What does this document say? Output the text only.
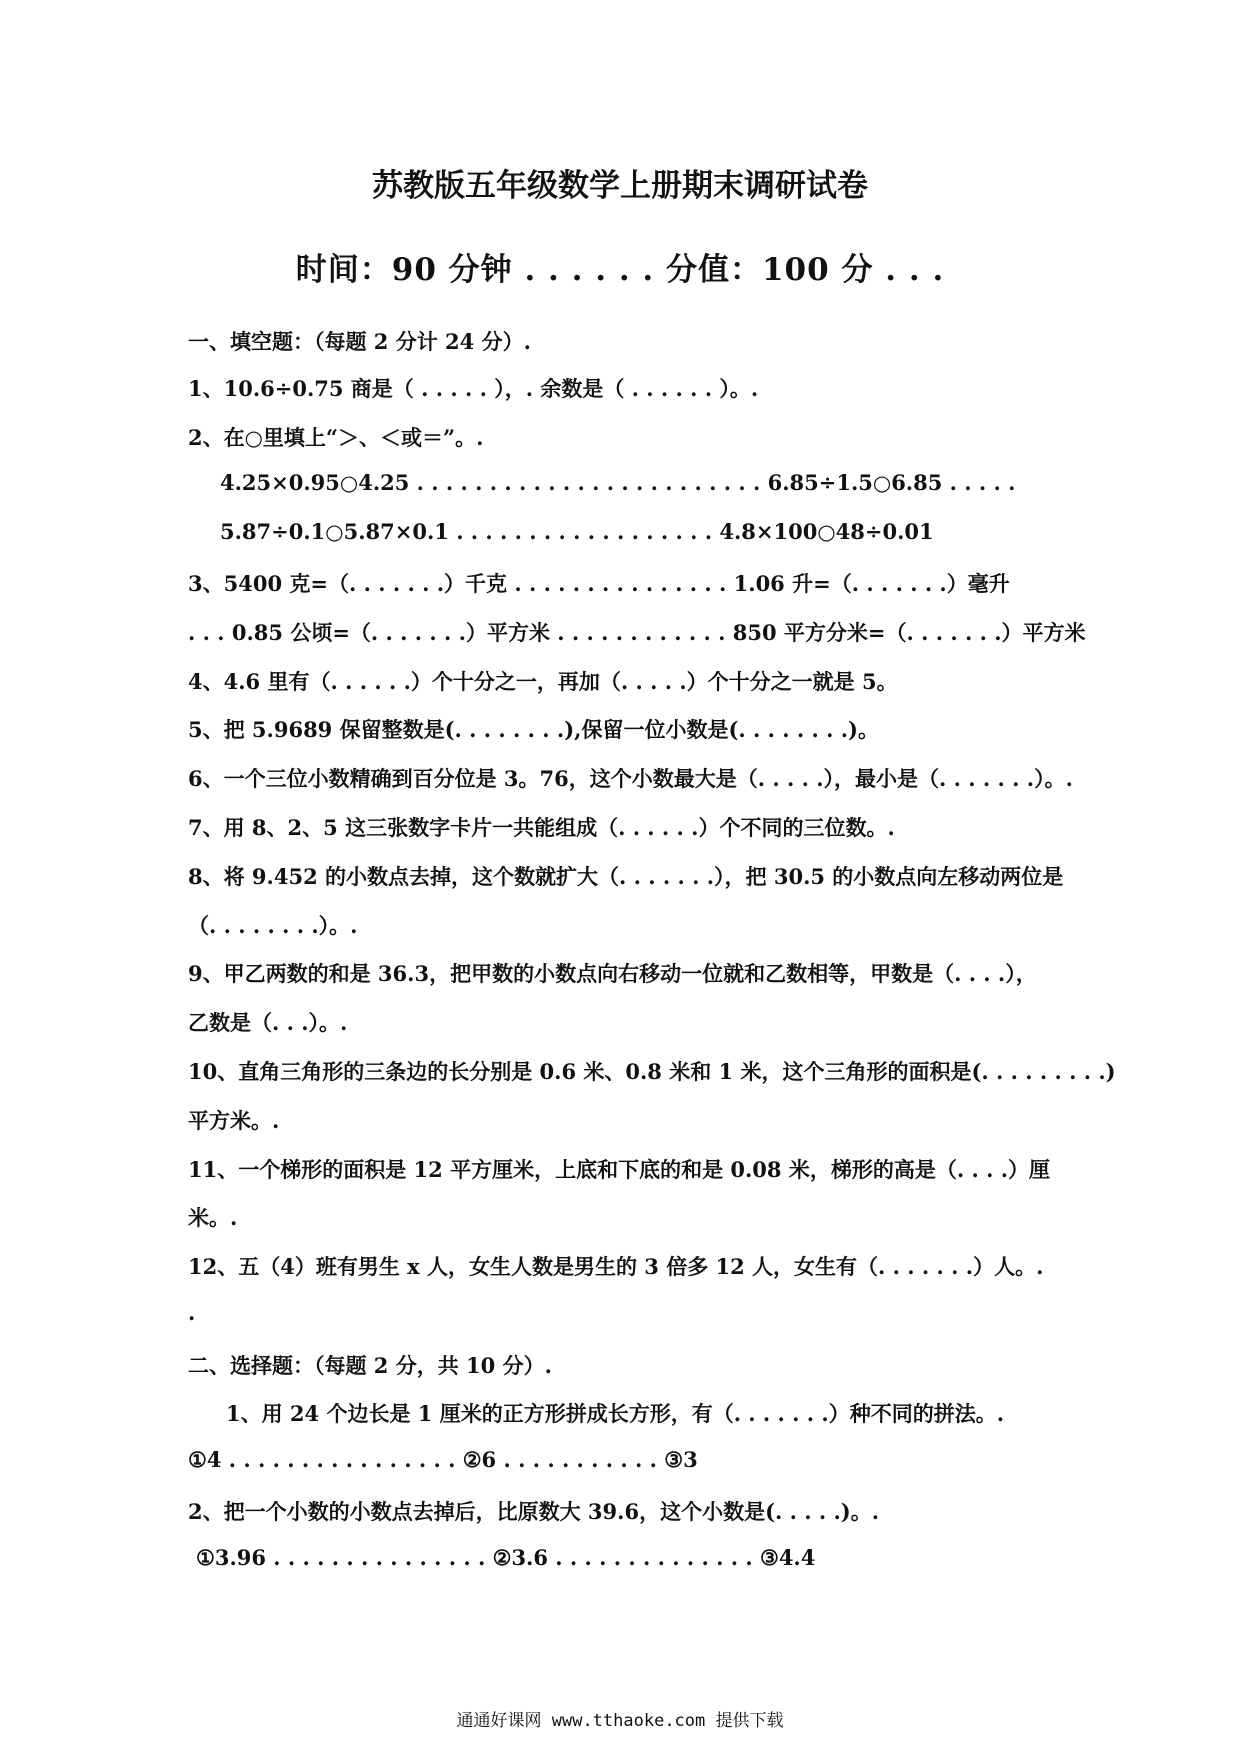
苏教版五年级数学上册期末调研试卷
时间：90 分钟 . . . . . . 分值：100 分 . . .
一、填空题：（每题 2 分计 24 分）.
1、10.6÷0.75 商是（ . . . . . ），. 余数是（ . . . . . . ）。.
2、在○里填上“＞、＜或＝”。.
4.25×0.95○4.25 . . . . . . . . . . . . . . . . . . . . . . . . 6.85÷1.5○6.85 . . . . .
5.87÷0.1○5.87×0.1 . . . . . . . . . . . . . . . . . . 4.8×100○48÷0.01
3、5400 克=（. . . . . . .）千克 . . . . . . . . . . . . . . . 1.06 升=（. . . . . . .）毫升
. . . 0.85 公顷=（. . . . . . .）平方米 . . . . . . . . . . . . 850 平方分米=（. . . . . . .）平方米
4、4.6 里有（. . . . . .）个十分之一，再加（. . . . .）个十分之一就是 5。
5、把 5.9689 保留整数是(. . . . . . . .),保留一位小数是(. . . . . . . .)。
6、一个三位小数精确到百分位是 3。76，这个小数最大是（. . . . .），最小是（. . . . . . .）。.
7、用 8、2、5 这三张数字卡片一共能组成（. . . . . .）个不同的三位数。.
8、将 9.452 的小数点去掉，这个数就扩大（. . . . . . .），把 30.5 的小数点向左移动两位是
（. . . . . . . .）。.
9、甲乙两数的和是 36.3，把甲数的小数点向右移动一位就和乙数相等，甲数是（. . . .），
乙数是（. . .）。.
10、直角三角形的三条边的长分别是 0.6 米、0.8 米和 1 米，这个三角形的面积是(. . . . . . . . .)
平方米。.
11、一个梯形的面积是 12 平方厘米，上底和下底的和是 0.08 米，梯形的高是（. . . .）厘
米。.
12、五（4）班有男生 x 人，女生人数是男生的 3 倍多 12 人，女生有（. . . . . . .）人。.
.
二、选择题：（每题 2 分，共 10 分）.
1、用 24 个边长是 1 厘米的正方形拼成长方形，有（. . . . . . .）种不同的拼法。.
①4 . . . . . . . . . . . . . . . . ②6 . . . . . . . . . . . ③3
2、把一个小数的小数点去掉后，比原数大 39.6，这个小数是(. . . . .)。.
①3.96 . . . . . . . . . . . . . . . ②3.6 . . . . . . . . . . . . . . ③4.4
通通好课网 www.tthaoke.com 提供下载
